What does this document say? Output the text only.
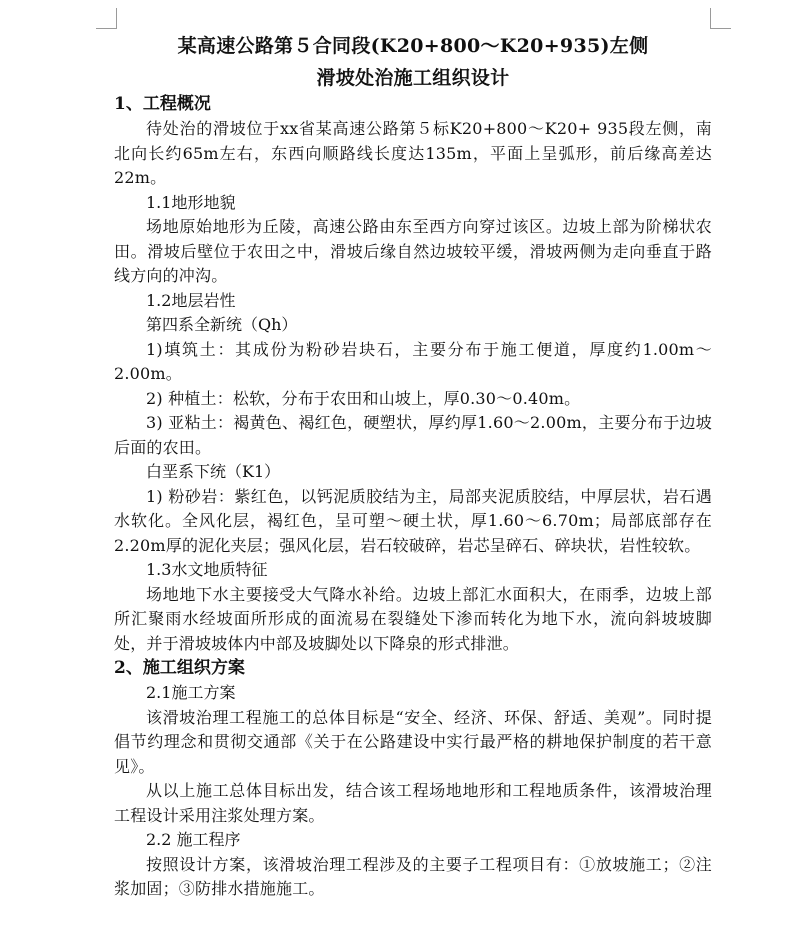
某高速公路第５合同段(K20+800～K20+935)左侧
滑坡处治施工组织设计
1、工程概况

待处治的滑坡位于xx省某高速公路第５标K20+800～K20+ 935段左侧，南北向长约65m左右，东西向顺路线长度达135m，平面上呈弧形，前后缘高差达22m。

1.1地形地貌

场地原始地形为丘陵，高速公路由东至西方向穿过该区。边坡上部为阶梯状农田。滑坡后壁位于农田之中，滑坡后缘自然边坡较平缓，滑坡两侧为走向垂直于路线方向的冲沟。

1.2地层岩性

第四系全新统（Qh）

1)填筑土：其成份为粉砂岩块石，主要分布于施工便道，厚度约1.00m～2.00m。

2) 种植土：松软，分布于农田和山坡上，厚0.30～0.40m。

3) 亚粘土：褐黄色、褐红色，硬塑状，厚约厚1.60～2.00m，主要分布于边坡后面的农田。

白垩系下统（K1）

1) 粉砂岩：紫红色，以钙泥质胶结为主，局部夹泥质胶结，中厚层状，岩石遇水软化。全风化层，褐红色，呈可塑～硬土状，厚1.60～6.70m；局部底部存在2.20m厚的泥化夹层；强风化层，岩石较破碎，岩芯呈碎石、碎块状，岩性较软。

1.3水文地质特征

场地地下水主要接受大气降水补给。边坡上部汇水面积大，在雨季，边坡上部所汇聚雨水经坡面所形成的面流易在裂缝处下渗而转化为地下水，流向斜坡坡脚处，并于滑坡坡体内中部及坡脚处以下降泉的形式排泄。

2、施工组织方案

2.1施工方案

该滑坡治理工程施工的总体目标是“安全、经济、环保、舒适、美观”。同时提倡节约理念和贯彻交通部《关于在公路建设中实行最严格的耕地保护制度的若干意见》。

从以上施工总体目标出发，结合该工程场地地形和工程地质条件，该滑坡治理工程设计采用注浆处理方案。

2.2 施工程序

按照设计方案，该滑坡治理工程涉及的主要子工程项目有：①放坡施工；②注浆加固；③防排水措施施工。
